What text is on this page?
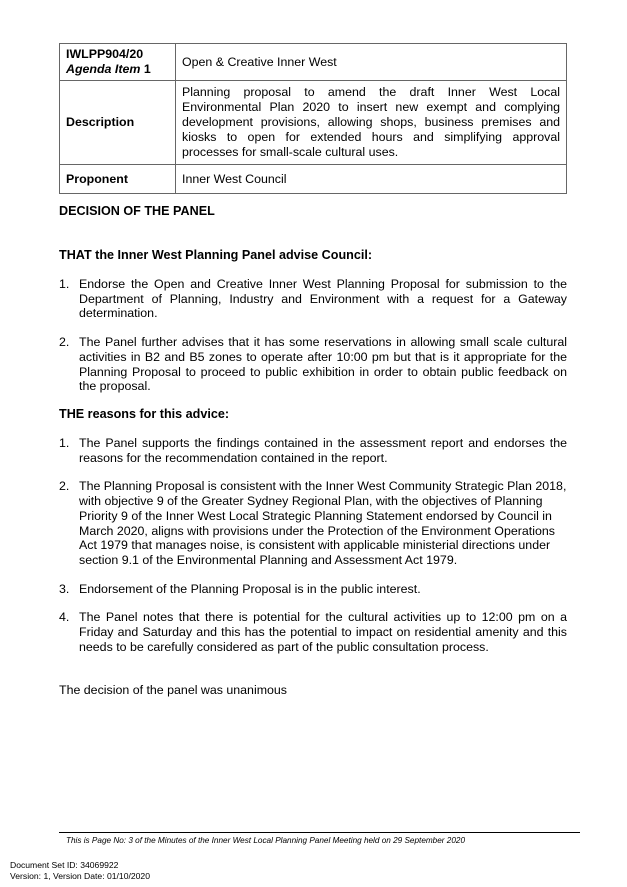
IWLPP904/20
Agenda Item 1	Open & Creative Inner West
Description	Planning proposal to amend the draft Inner West Local Environmental Plan 2020 to insert new exempt and complying development provisions, allowing shops, business premises and kiosks to open for extended hours and simplifying approval processes for small-scale cultural uses.
Proponent	Inner West Council

DECISION OF THE PANEL

THAT the Inner West Planning Panel advise Council:

1. Endorse the Open and Creative Inner West Planning Proposal for submission to the Department of Planning, Industry and Environment with a request for a Gateway determination.
2. The Panel further advises that it has some reservations in allowing small scale cultural activities in B2 and B5 zones to operate after 10:00 pm but that is it appropriate for the Planning Proposal to proceed to public exhibition in order to obtain public feedback on the proposal.

THE reasons for this advice:

1. The Panel supports the findings contained in the assessment report and endorses the reasons for the recommendation contained in the report.
2. The Planning Proposal is consistent with the Inner West Community Strategic Plan 2018, with objective 9 of the Greater Sydney Regional Plan, with the objectives of Planning Priority 9 of the Inner West Local Strategic Planning Statement endorsed by Council in March 2020, aligns with provisions under the Protection of the Environment Operations Act 1979 that manages noise, is consistent with applicable ministerial directions under section 9.1 of the Environmental Planning and Assessment Act 1979.
3. Endorsement of the Planning Proposal is in the public interest.
4. The Panel notes that there is potential for the cultural activities up to 12:00 pm on a Friday and Saturday and this has the potential to impact on residential amenity and this needs to be carefully considered as part of the public consultation process.

The decision of the panel was unanimous

This is Page No: 3 of the Minutes of the Inner West Local Planning Panel Meeting held on 29 September 2020
Document Set ID: 34069922
Version: 1, Version Date: 01/10/2020
